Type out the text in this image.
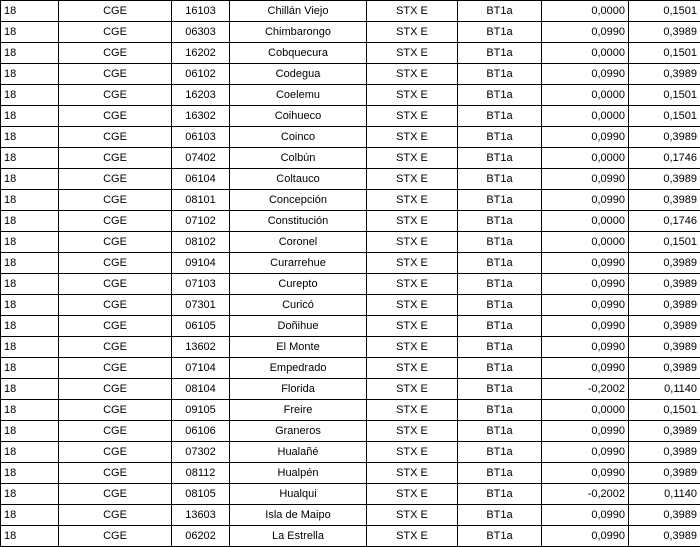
18	CGE	16103	Chillán Viejo	STX E	BT1a	0,0000	0,1501
18	CGE	06303	Chimbarongo	STX E	BT1a	0,0990	0,3989
18	CGE	16202	Cobquecura	STX E	BT1a	0,0000	0,1501
18	CGE	06102	Codegua	STX E	BT1a	0,0990	0,3989
18	CGE	16203	Coelemu	STX E	BT1a	0,0000	0,1501
18	CGE	16302	Coihueco	STX E	BT1a	0,0000	0,1501
18	CGE	06103	Coinco	STX E	BT1a	0,0990	0,3989
18	CGE	07402	Colbún	STX E	BT1a	0,0000	0,1746
18	CGE	06104	Coltauco	STX E	BT1a	0,0990	0,3989
18	CGE	08101	Concepción	STX E	BT1a	0,0990	0,3989
18	CGE	07102	Constitución	STX E	BT1a	0,0000	0,1746
18	CGE	08102	Coronel	STX E	BT1a	0,0000	0,1501
18	CGE	09104	Curarrehue	STX E	BT1a	0,0990	0,3989
18	CGE	07103	Curepto	STX E	BT1a	0,0990	0,3989
18	CGE	07301	Curicó	STX E	BT1a	0,0990	0,3989
18	CGE	06105	Doñihue	STX E	BT1a	0,0990	0,3989
18	CGE	13602	El Monte	STX E	BT1a	0,0990	0,3989
18	CGE	07104	Empedrado	STX E	BT1a	0,0990	0,3989
18	CGE	08104	Florida	STX E	BT1a	-0,2002	0,1140
18	CGE	09105	Freire	STX E	BT1a	0,0000	0,1501
18	CGE	06106	Graneros	STX E	BT1a	0,0990	0,3989
18	CGE	07302	Hualañé	STX E	BT1a	0,0990	0,3989
18	CGE	08112	Hualpén	STX E	BT1a	0,0990	0,3989
18	CGE	08105	Hualqui	STX E	BT1a	-0,2002	0,1140
18	CGE	13603	Isla de Maipo	STX E	BT1a	0,0990	0,3989
18	CGE	06202	La Estrella	STX E	BT1a	0,0990	0,3989
